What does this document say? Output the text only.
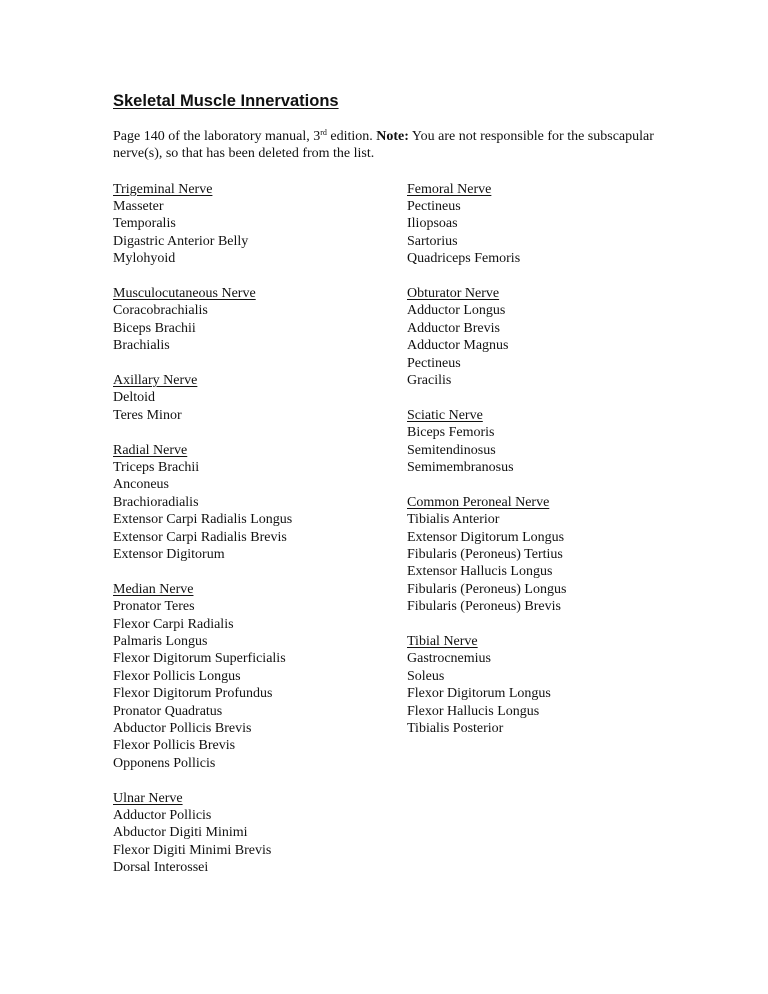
Skeletal Muscle Innervations

Page 140 of the laboratory manual, 3rd edition. Note: You are not responsible for the subscapular nerve(s), so that has been deleted from the list.

Trigeminal Nerve
Masseter
Temporalis
Digastric Anterior Belly
Mylohyoid
Musculocutaneous Nerve
Coracobrachialis
Biceps Brachii
Brachialis
Axillary Nerve
Deltoid
Teres Minor
Radial Nerve
Triceps Brachii
Anconeus
Brachioradialis
Extensor Carpi Radialis Longus
Extensor Carpi Radialis Brevis
Extensor Digitorum
Median Nerve
Pronator Teres
Flexor Carpi Radialis
Palmaris Longus
Flexor Digitorum Superficialis
Flexor Pollicis Longus
Flexor Digitorum Profundus
Pronator Quadratus
Abductor Pollicis Brevis
Flexor Pollicis Brevis
Opponens Pollicis
Ulnar Nerve
Adductor Pollicis
Abductor Digiti Minimi
Flexor Digiti Minimi Brevis
Dorsal Interossei
Femoral Nerve
Pectineus
Iliopsoas
Sartorius
Quadriceps Femoris
Obturator Nerve
Adductor Longus
Adductor Brevis
Adductor Magnus
Pectineus
Gracilis
Sciatic Nerve
Biceps Femoris
Semitendinosus
Semimembranosus
Common Peroneal Nerve
Tibialis Anterior
Extensor Digitorum Longus
Fibularis (Peroneus) Tertius
Extensor Hallucis Longus
Fibularis (Peroneus) Longus
Fibularis (Peroneus) Brevis
Tibial Nerve
Gastrocnemius
Soleus
Flexor Digitorum Longus
Flexor Hallucis Longus
Tibialis Posterior
